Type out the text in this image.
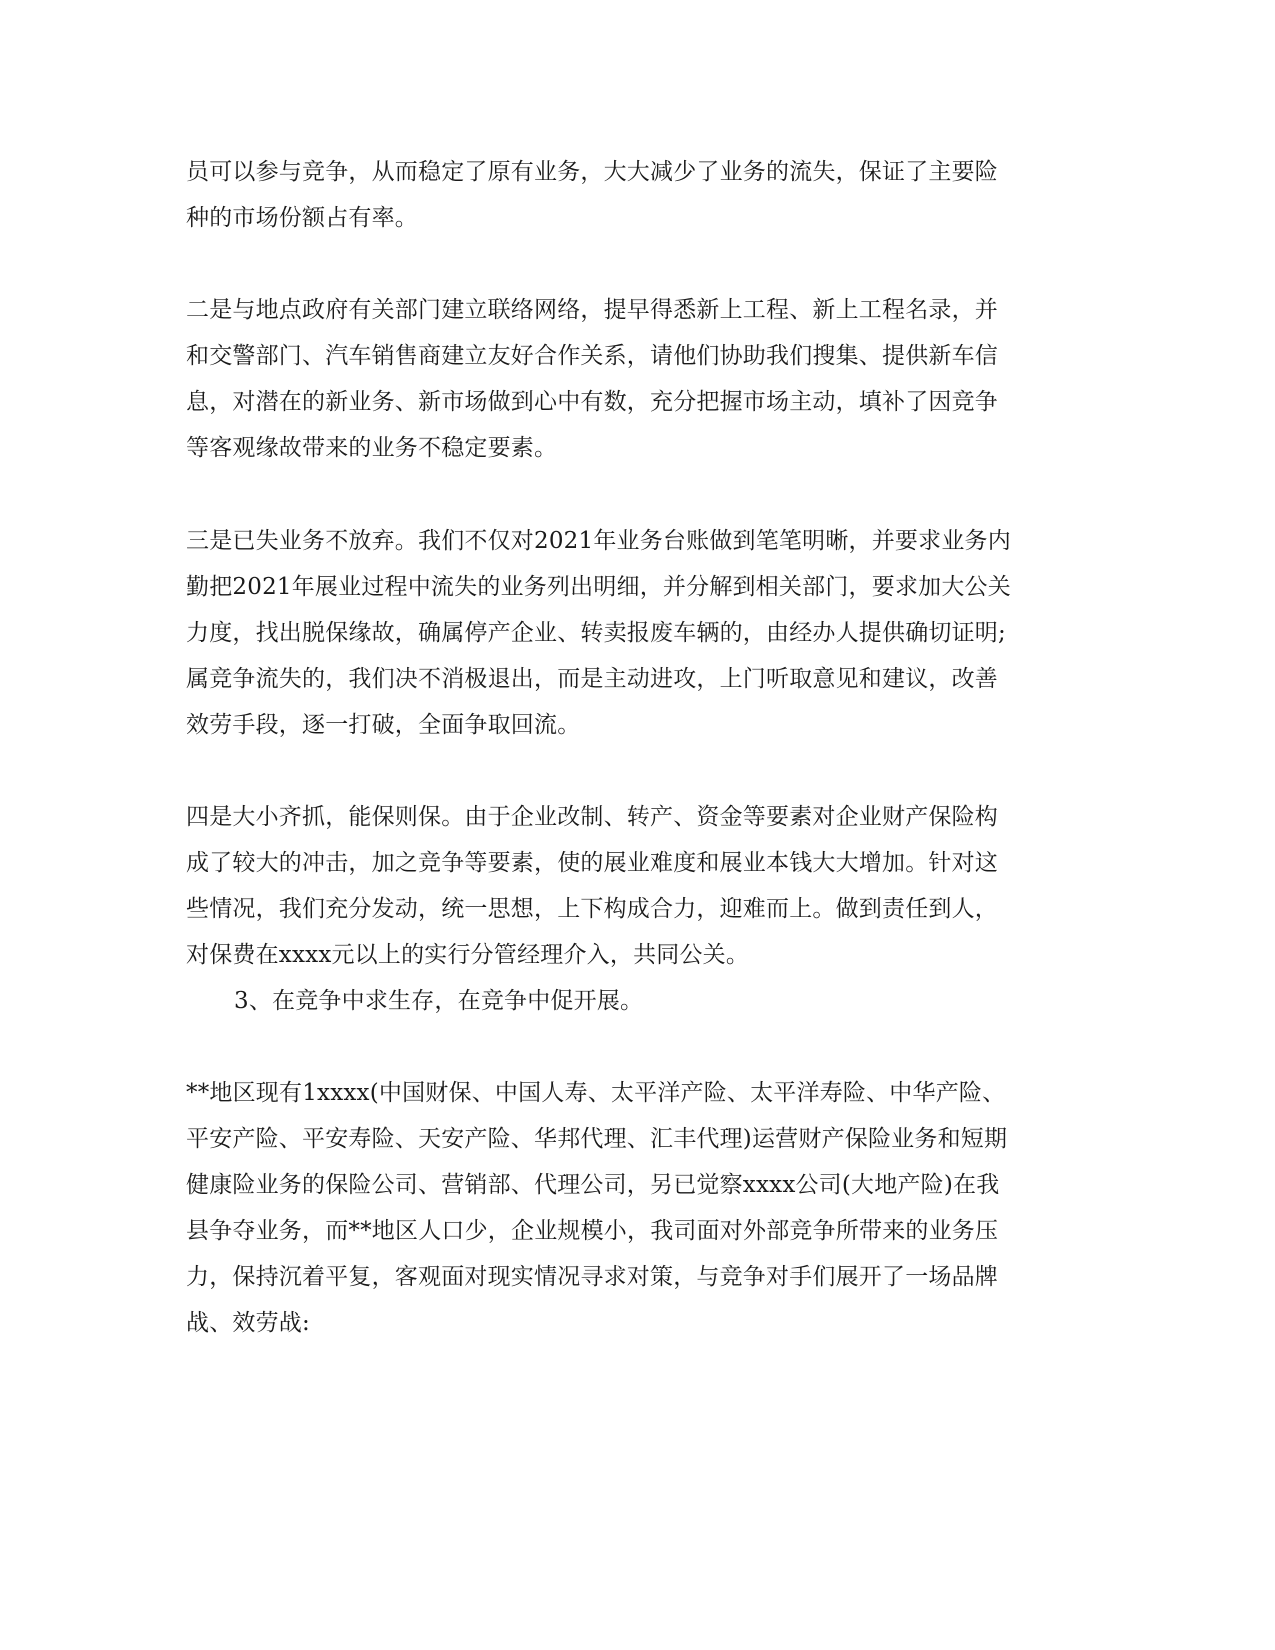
员可以参与竞争，从而稳定了原有业务，大大减少了业务的流失，保证了主要险
种的市场份额占有率。
二是与地点政府有关部门建立联络网络，提早得悉新上工程、新上工程名录，并
和交警部门、汽车销售商建立友好合作关系，请他们协助我们搜集、提供新车信
息，对潜在的新业务、新市场做到心中有数，充分把握市场主动，填补了因竞争
等客观缘故带来的业务不稳定要素。
三是已失业务不放弃。我们不仅对2021年业务台账做到笔笔明晰，并要求业务内
勤把2021年展业过程中流失的业务列出明细，并分解到相关部门，要求加大公关
力度，找出脱保缘故，确属停产企业、转卖报废车辆的，由经办人提供确切证明;
属竞争流失的，我们决不消极退出，而是主动进攻，上门听取意见和建议，改善
效劳手段，逐一打破，全面争取回流。
四是大小齐抓，能保则保。由于企业改制、转产、资金等要素对企业财产保险构
成了较大的冲击，加之竞争等要素，使的展业难度和展业本钱大大增加。针对这
些情况，我们充分发动，统一思想，上下构成合力，迎难而上。做到责任到人，
对保费在xxxx元以上的实行分管经理介入，共同公关。
3、在竞争中求生存，在竞争中促开展。
**地区现有1xxxx(中国财保、中国人寿、太平洋产险、太平洋寿险、中华产险、
平安产险、平安寿险、天安产险、华邦代理、汇丰代理)运营财产保险业务和短期
健康险业务的保险公司、营销部、代理公司，另已觉察xxxx公司(大地产险)在我
县争夺业务，而**地区人口少，企业规模小，我司面对外部竞争所带来的业务压
力，保持沉着平复，客观面对现实情况寻求对策，与竞争对手们展开了一场品牌
战、效劳战:
